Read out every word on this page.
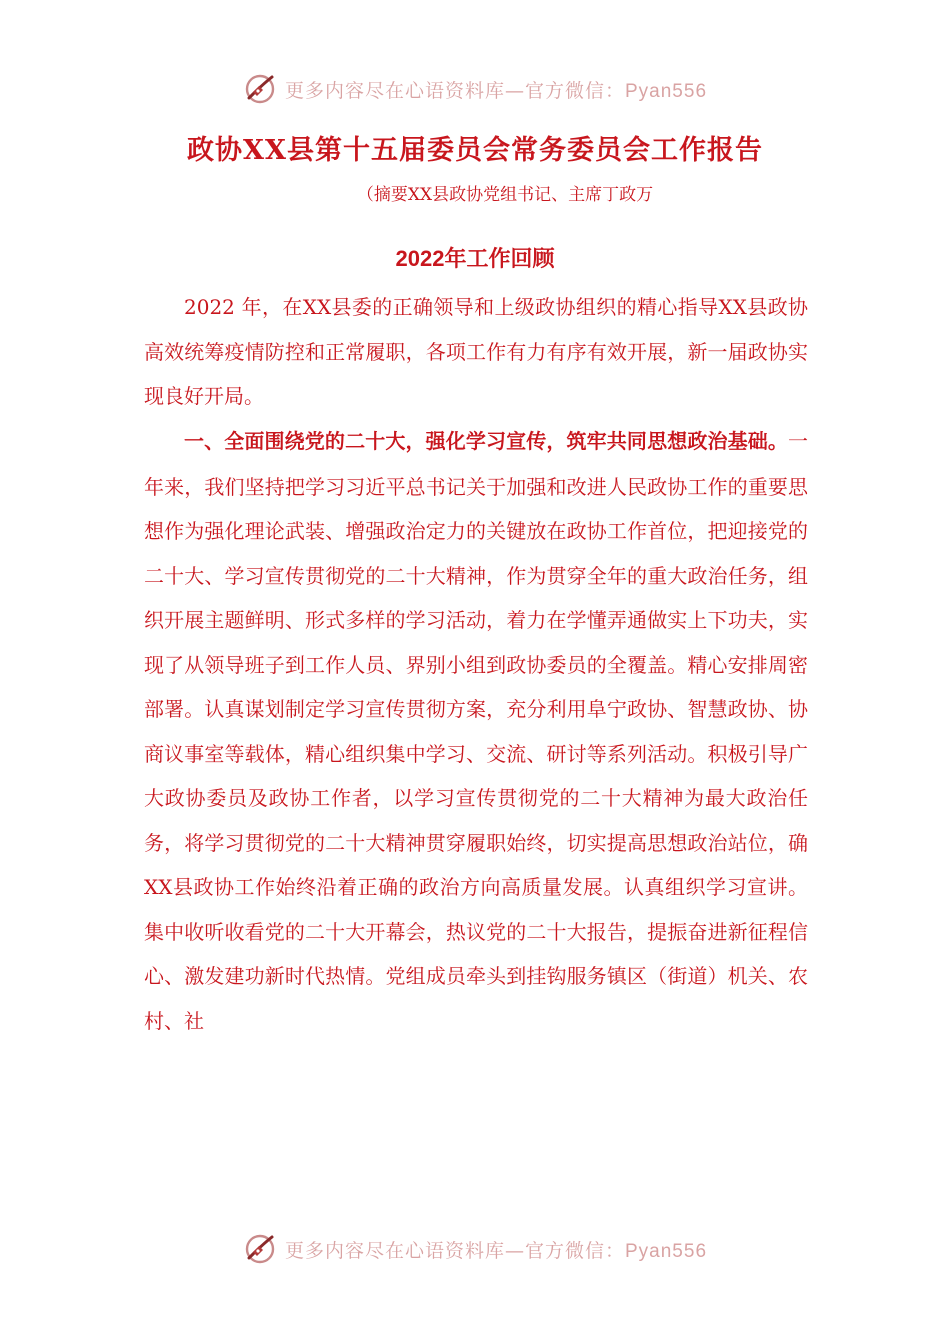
更多内容尽在心语资料库—官方微信：Pyan556
政协XX县第十五届委员会常务委员会工作报告
（摘要XX县政协党组书记、主席丁政万
2022年工作回顾

2022 年，在XX县委的正确领导和上级政协组织的精心指导XX县政协高效统筹疫情防控和正常履职，各项工作有力有序有效开展，新一届政协实现良好开局。

一、全面围绕党的二十大，强化学习宣传，筑牢共同思想政治基础。一年来，我们坚持把学习习近平总书记关于加强和改进人民政协工作的重要思想作为强化理论武装、增强政治定力的关键放在政协工作首位，把迎接党的二十大、学习宣传贯彻党的二十大精神，作为贯穿全年的重大政治任务，组织开展主题鲜明、形式多样的学习活动，着力在学懂弄通做实上下功夫，实现了从领导班子到工作人员、界别小组到政协委员的全覆盖。精心安排周密部署。认真谋划制定学习宣传贯彻方案，充分利用阜宁政协、智慧政协、协商议事室等载体，精心组织集中学习、交流、研讨等系列活动。积极引导广大政协委员及政协工作者，以学习宣传贯彻党的二十大精神为最大政治任务，将学习贯彻党的二十大精神贯穿履职始终，切实提高思想政治站位，确XX县政协工作始终沿着正确的政治方向高质量发展。认真组织学习宣讲。集中收听收看党的二十大开幕会，热议党的二十大报告，提振奋进新征程信心、激发建功新时代热情。党组成员牵头到挂钩服务镇区（街道）机关、农村、社

更多内容尽在心语资料库—官方微信：Pyan556
